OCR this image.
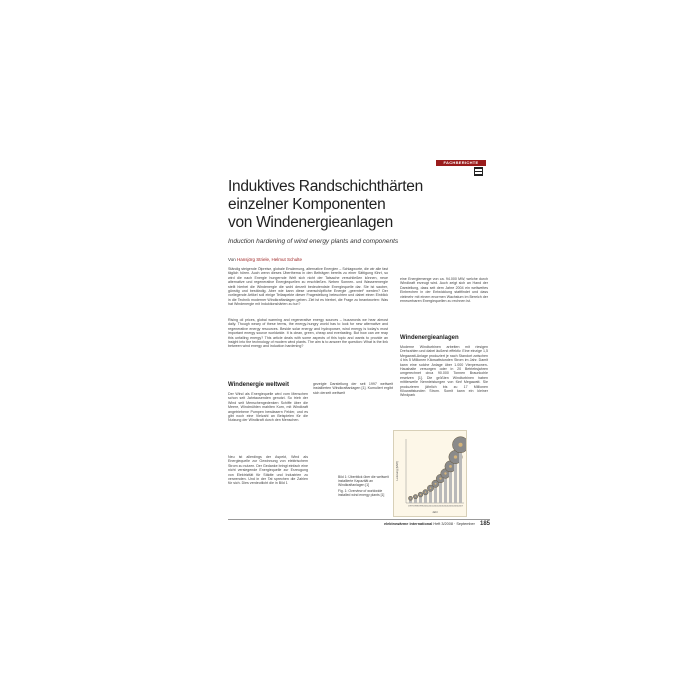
FACHBERICHTE
Induktives Randschichthärten
einzelner Komponenten
von Windenergieanlagen
Induction hardening of wind energy plants and components
Von Hansjörg Striele, Helmut Schulte

Ständig steigende Ölpreise, globale Erwärmung, alternative Energien – Schlagworte, die wir alle fast täglich hören. Auch wenn dieses Überthema in den Beiträgen bereits zu einer Sättigung führt, so wird die nach Energie hungernde Welt sich nicht der Tatsache verschließen können, neue alternative und regenerative Energiequellen zu erschließen. Neben Sonnen- und Wasserenergie stellt hierbei die Windenergie die wohl derzeit bedeutendste Energiequelle dar. Sie ist sauber, günstig und beständig. Aber wie kann diese unerschöpfliche Energie „geerntet“ werden? Der vorliegende Artikel soll einige Teilaspekte dieser Fragestellung beleuchten und dabei einen Einblick in die Technik moderner Windkraftanlagen geben. Ziel ist es hierbei, die Frage zu beantworten: Was hat Windenergie mit Induktionshärten zu tun?

Rising oil prices, global warming and regenerative energy sources – buzzwords we hear almost daily. Though weary of these terms, the energy-hungry world has to look for new alternative and regenerative energy resources. Beside solar energy and hydropower, wind energy is today's most important energy source worldwide. It is clean, green, cheap and everlasting. But how can we reap this unfailing energy? This article deals with some aspects of this topic and wants to provide an insight into the technology of modern wind plants. The aim is to answer the question: What is the link between wind energy and induction hardening?

eine Energiemenge von ca. 94.000 MW, welche durch Windkraft erzeugt wird. Auch zeigt sich an Hand der Darstellung, dass seit dem Jahre 2004 ein weltweites Einbrechen in der Entwicklung stattfindet und dass vielmehr mit einem enormen Wachstum im Bereich der erneuerbaren Energiequellen zu rechnen ist.

Windenergieanlagen

Moderne Windturbinen arbeiten mit riesigen Drehzahlen und dabei äußerst effektiv. Eine einzige 1,5 Megawatt-Anlage produziert je nach Standort zwischen 4 bis 5 Millionen Kilowattstunden Strom im Jahr. Damit kann eine solche Anlage über 1.000 Vierpersonen-Haushalte versorgen oder in 20 Betriebsjahren umgerechnet circa 90.000 Tonnen Braunkohle ersetzen [1]. Die größten Windturbinen haben mittlerweile Nennleistungen von fünf Megawatt. Sie produzieren jährlich bis zu 17 Millionen Kilowattstunden Strom. Somit kann ein kleiner Windpark

Windenergie weltweit

Der Wind als Energiequelle wird vom Menschen schon seit Jahrtausenden genutzt. So trieb der Wind seit Menschengedenken Schiffe über die Meere, Windmühlen mahlten Korn, mit Windkraft angetriebene Pumpen bewässern Felder, und es gibt noch eine Vielzahl an Beispielen für die Nutzung der Windkraft durch den Menschen.

Neu ist allerdings der Aspekt, Wind als Energiequelle zur Gewinnung von elektrischem Strom zu nutzen. Der Gedanke bringt einfach eine nicht versiegende Energiequelle zur Erzeugung von Elektrizität für Städte und Industrien zu verwenden. Und in der Tat sprechen die Zahlen für sich. Dies verdeutlicht die in Bild 1

gezeigte Darstellung der seit 1997 weltweit installierten Windkraftanlagen [1]. Kumuliert ergibt sich derzeit weltweit

Bild 1: Überblick über die weltweit installierte Kapazität an Windkraftanlagen [1]
Fig. 1: Overview of worldwide installed wind energy plants [1]
Leistung [MW]
Jahr
1997 1998 1999 2000 2001 2002 2003 2004 2005 2006 2007
elektrowärme international Heft 3/2008 · September 185
